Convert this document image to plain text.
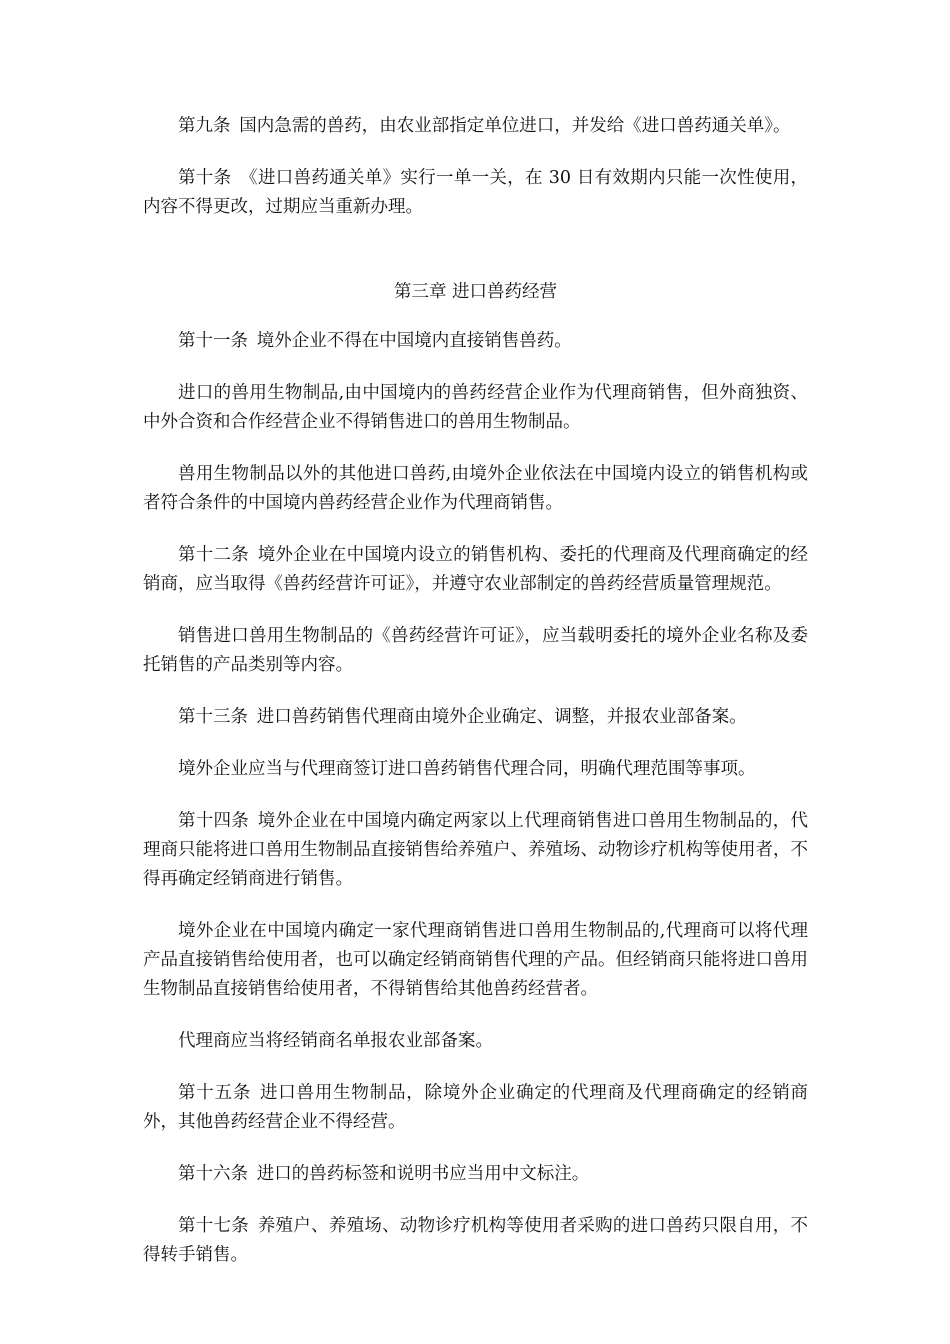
第九条 国内急需的兽药，由农业部指定单位进口，并发给《进口兽药通关单》。

第十条 《进口兽药通关单》实行一单一关，在 30 日有效期内只能一次性使用，内容不得更改，过期应当重新办理。

第三章 进口兽药经营

第十一条 境外企业不得在中国境内直接销售兽药。

进口的兽用生物制品,由中国境内的兽药经营企业作为代理商销售，但外商独资、中外合资和合作经营企业不得销售进口的兽用生物制品。

兽用生物制品以外的其他进口兽药,由境外企业依法在中国境内设立的销售机构或者符合条件的中国境内兽药经营企业作为代理商销售。

第十二条 境外企业在中国境内设立的销售机构、委托的代理商及代理商确定的经销商，应当取得《兽药经营许可证》，并遵守农业部制定的兽药经营质量管理规范。

销售进口兽用生物制品的《兽药经营许可证》，应当载明委托的境外企业名称及委托销售的产品类别等内容。

第十三条 进口兽药销售代理商由境外企业确定、调整，并报农业部备案。

境外企业应当与代理商签订进口兽药销售代理合同，明确代理范围等事项。

第十四条 境外企业在中国境内确定两家以上代理商销售进口兽用生物制品的，代理商只能将进口兽用生物制品直接销售给养殖户、养殖场、动物诊疗机构等使用者，不得再确定经销商进行销售。

境外企业在中国境内确定一家代理商销售进口兽用生物制品的,代理商可以将代理产品直接销售给使用者，也可以确定经销商销售代理的产品。但经销商只能将进口兽用生物制品直接销售给使用者，不得销售给其他兽药经营者。

代理商应当将经销商名单报农业部备案。

第十五条 进口兽用生物制品，除境外企业确定的代理商及代理商确定的经销商外，其他兽药经营企业不得经营。

第十六条 进口的兽药标签和说明书应当用中文标注。

第十七条 养殖户、养殖场、动物诊疗机构等使用者采购的进口兽药只限自用，不得转手销售。
